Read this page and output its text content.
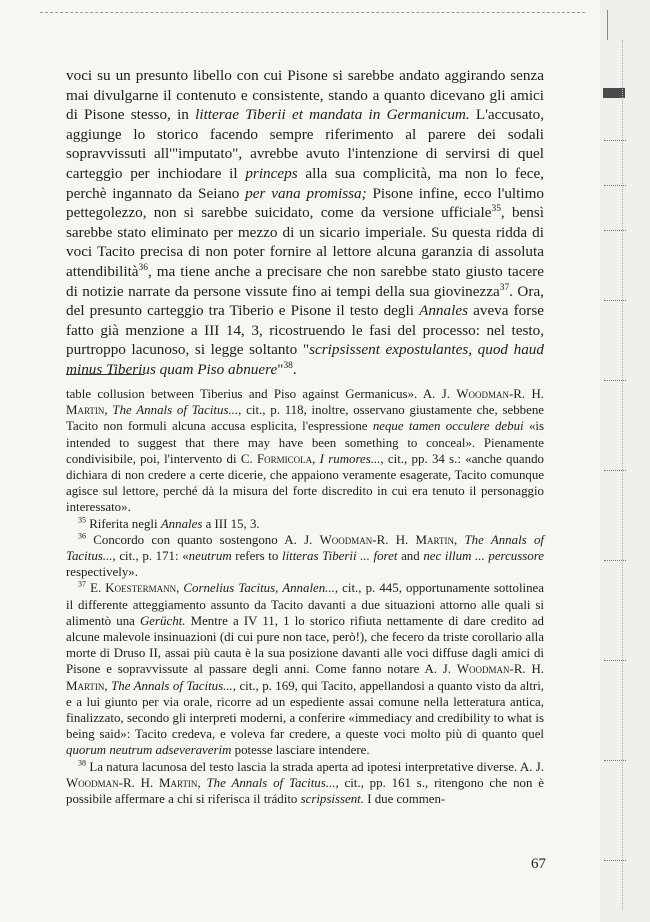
voci su un presunto libello con cui Pisone si sarebbe andato aggirando senza mai divulgarne il contenuto e consistente, stando a quanto dicevano gli amici di Pisone stesso, in litterae Tiberii et mandata in Germanicum. L'accusato, aggiunge lo storico facendo sempre riferimento al parere dei sodali sopravvissuti all'"imputato", avrebbe avuto l'intenzione di servirsi di quel carteggio per inchiodare il princeps alla sua complicità, ma non lo fece, perchè ingannato da Seiano per vana promissa; Pisone infine, ecco l'ultimo pettegolezzo, non si sarebbe suicidato, come da versione ufficiale$^{35}$, bensì sarebbe stato eliminato per mezzo di un sicario imperiale. Su questa ridda di voci Tacito precisa di non poter fornire al lettore alcuna garanzia di assoluta attendibilità$^{36}$, ma tiene anche a precisare che non sarebbe stato giusto tacere di notizie narrate da persone vissute fino ai tempi della sua giovinezza$^{37}$. Ora, del presunto carteggio tra Tiberio e Pisone il testo degli Annales aveva forse fatto già menzione a III 14, 3, ricostruendo le fasi del processo: nel testo, purtroppo lacunoso, si legge soltanto "scripsissent expostulantes, quod haud minus Tiberius quam Piso abnuere"$^{38}$.

table collusion between Tiberius and Piso against Germanicus». A. J. Woodman-R. H. Martin, The Annals of Tacitus..., cit., p. 118, inoltre, osservano giustamente che, sebbene Tacito non formuli alcuna accusa esplicita, l'espressione neque tamen occulere debui «is intended to suggest that there may have been something to conceal». Pienamente condivisibile, poi, l'intervento di C. Formicola, I rumores..., cit., pp. 34 s.: «anche quando dichiara di non credere a certe dicerie, che appaiono veramente esagerate, Tacito comunque agisce sul lettore, perché dà la misura del forte discredito in cui era tenuto il personaggio interessato».

$^{35}$ Riferita negli Annales a III 15, 3.

$^{36}$ Concordo con quanto sostengono A. J. Woodman-R. H. Martin, The Annals of Tacitus..., cit., p. 171: «neutrum refers to litteras Tiberii ... foret and nec illum ... percussore respectively».

$^{37}$ E. Koestermann, Cornelius Tacitus, Annalen..., cit., p. 445, opportunamente sottolinea il differente atteggiamento assunto da Tacito davanti a due situazioni attorno alle quali si alimentò una Gerücht. Mentre a IV 11, 1 lo storico rifiuta nettamente di dare credito ad alcune malevole insinuazioni (di cui pure non tace, però!), che fecero da triste corollario alla morte di Druso II, assai più cauta è la sua posizione davanti alle voci diffuse dagli amici di Pisone e sopravvissute al passare degli anni. Come fanno notare A. J. Woodman-R. H. Martin, The Annals of Tacitus..., cit., p. 169, qui Tacito, appellandosi a quanto visto da altri, e a lui giunto per via orale, ricorre ad un espediente assai comune nella letteratura antica, finalizzato, secondo gli interpreti moderni, a conferire «immediacy and credibility to what is being said»: Tacito credeva, e voleva far credere, a queste voci molto più di quanto quel quorum neutrum adseveraverim potesse lasciare intendere.

$^{38}$ La natura lacunosa del testo lascia la strada aperta ad ipotesi interpretative diverse. A. J. Woodman-R. H. Martin, The Annals of Tacitus..., cit., pp. 161 s., ritengono che non è possibile affermare a chi si riferisca il trádito scripsissent. I due commen-

67
